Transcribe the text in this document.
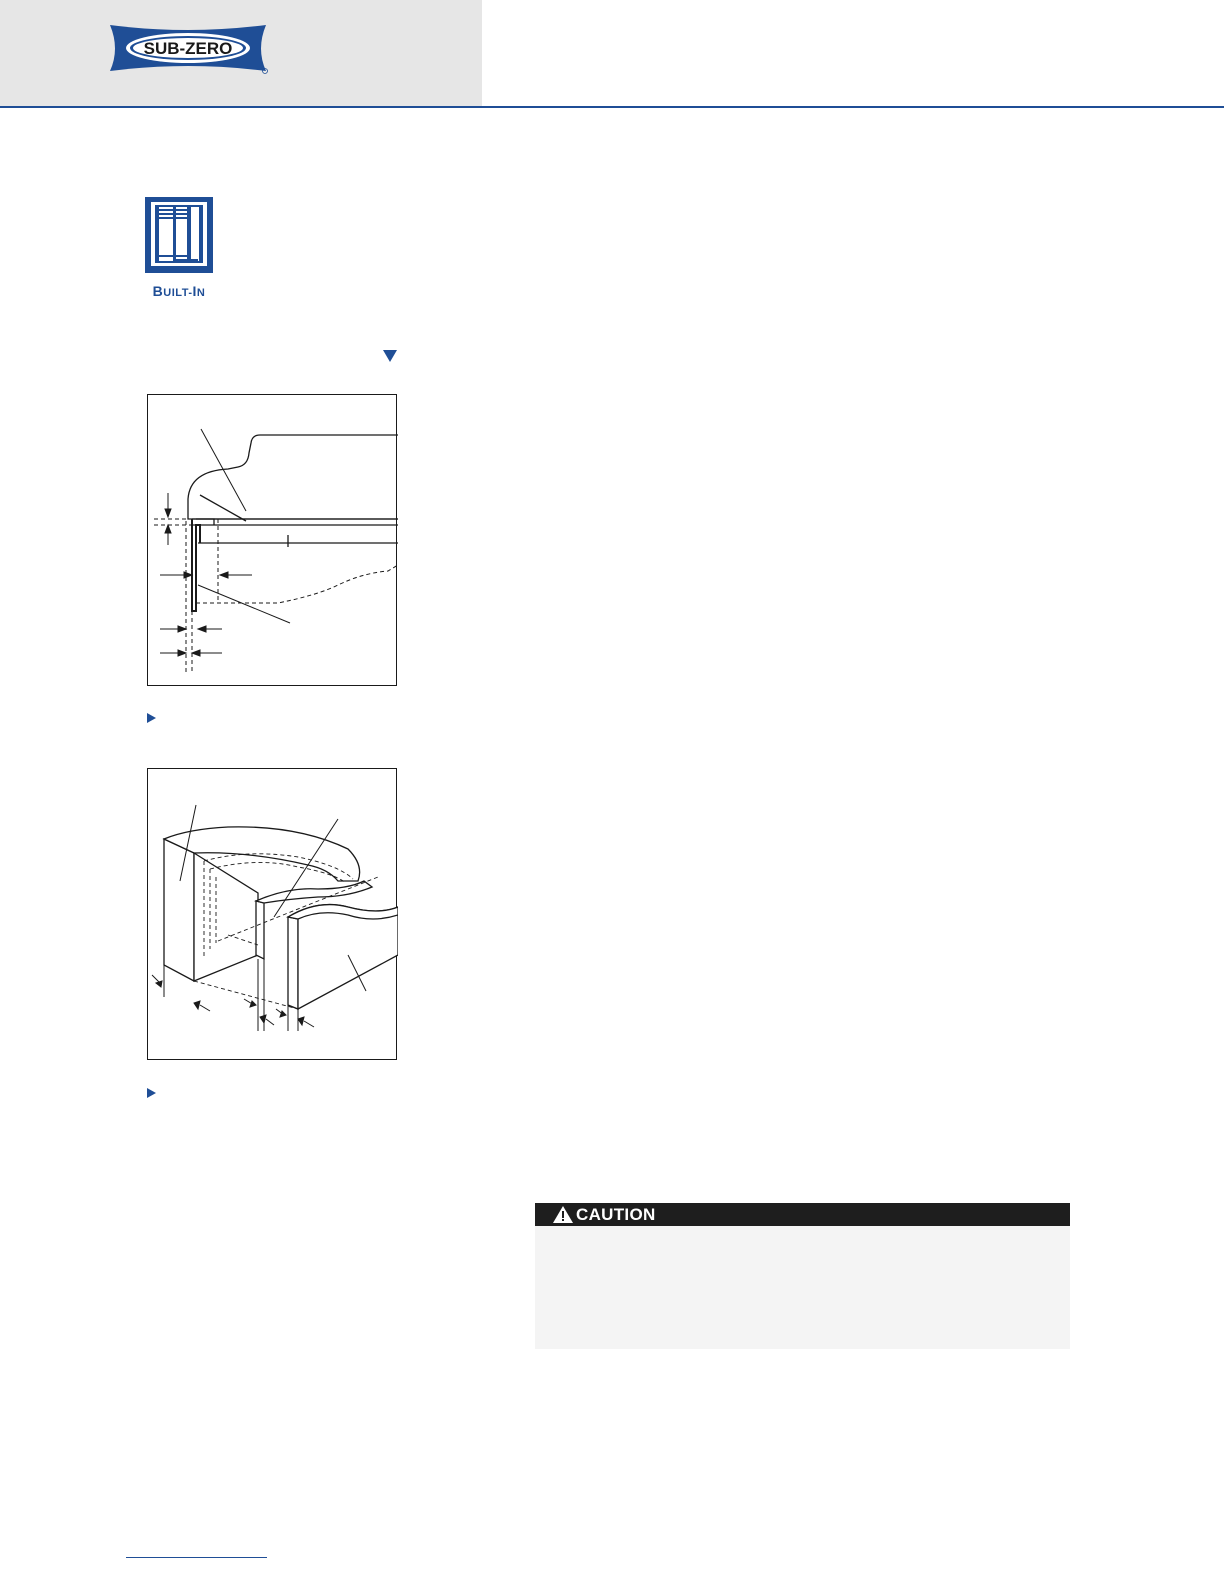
SUB-ZERO
BUILT-IN
CAUTION
